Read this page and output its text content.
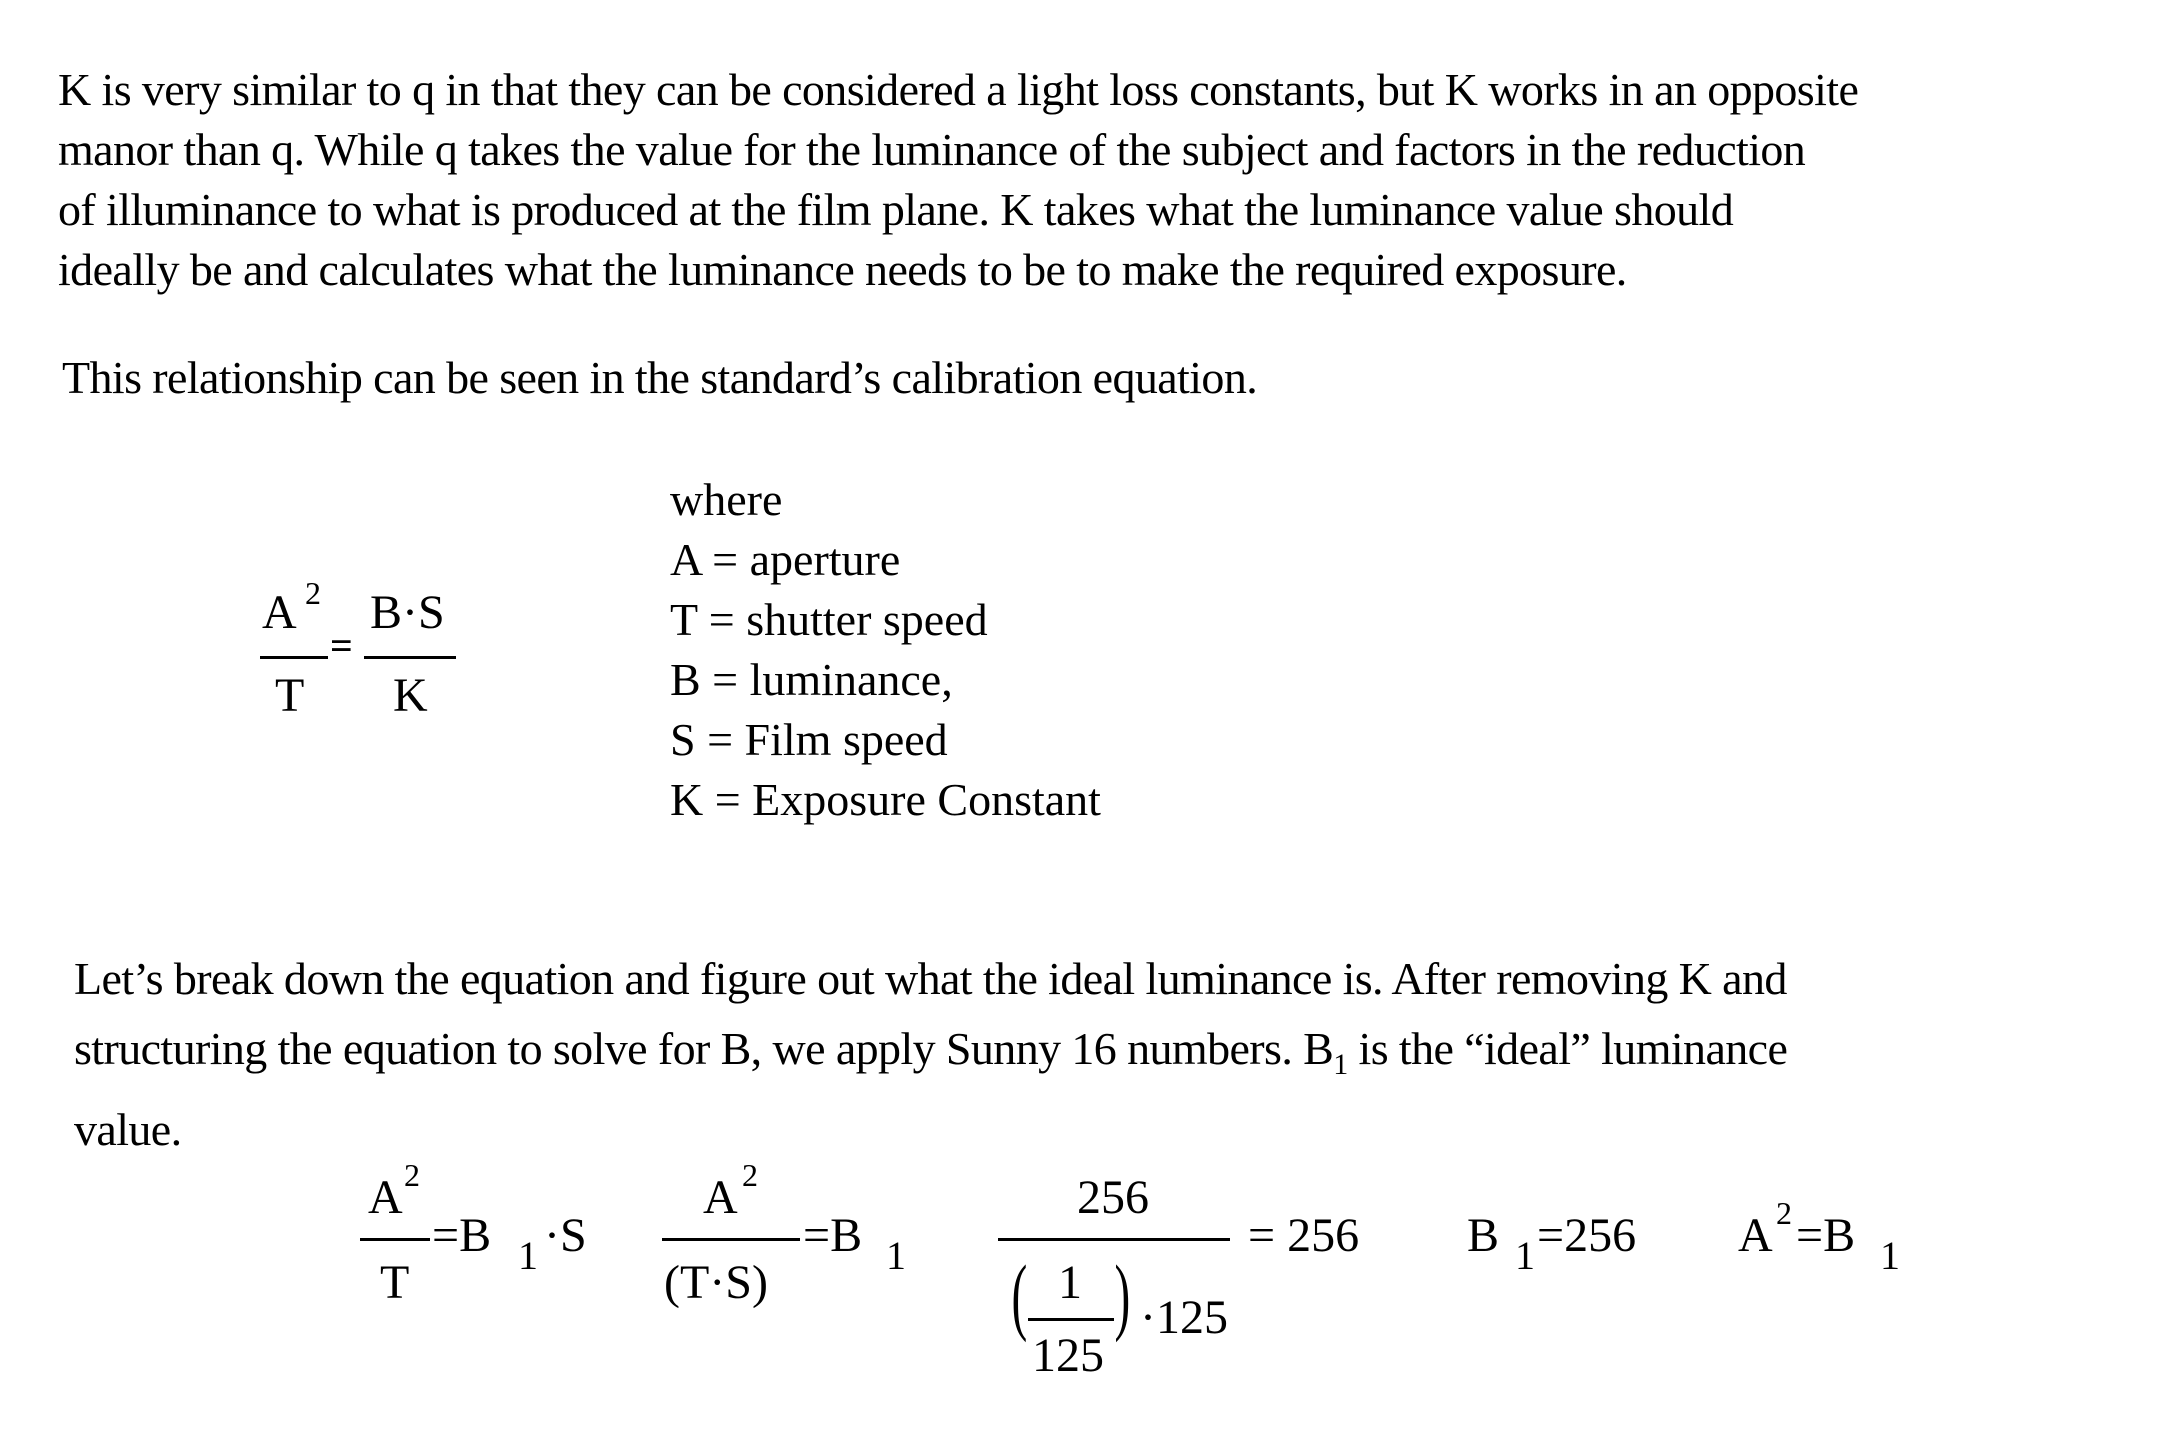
K is very similar to q in that they can be considered a light loss constants, but K works in an opposite
manor than q. While q takes the value for the luminance of the subject and factors in the reduction
of illuminance to what is produced at the film plane. K takes what the luminance value should
ideally be and calculates what the luminance needs to be to make the required exposure.
This relationship can be seen in the standard’s calibration equation.
A 2
T
=
B·S
K
where
A = aperture
T = shutter speed
B = luminance,
S = Film speed
K = Exposure Constant
Let’s break down the equation and figure out what the ideal luminance is. After removing K and
structuring the equation to solve for B, we apply Sunny 16 numbers. $B_1$ is the “ideal” luminance
value.
A 2
T
=B 1 ·S
A 2
(T·S)
=B 1
256
( 1
125
) ·125
= 256 B 1 =256 A 2 =B 1
